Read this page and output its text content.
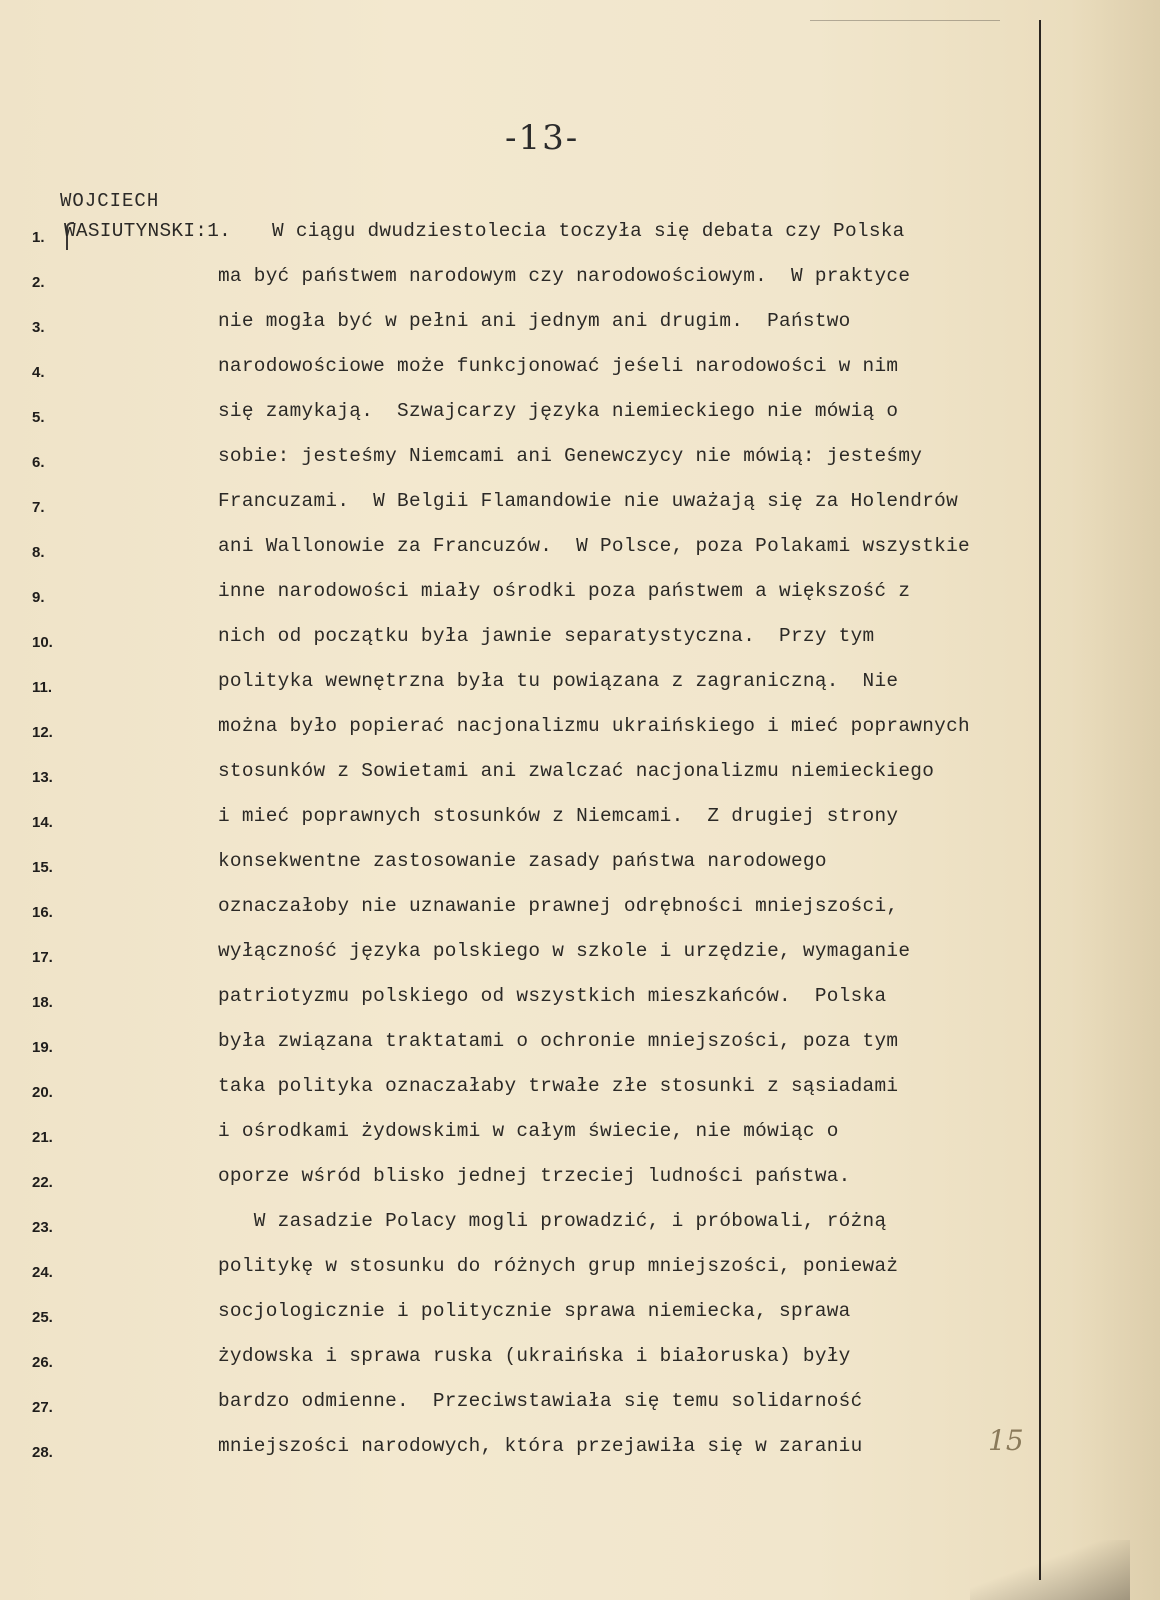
-13-
WOJCIECH
1.
2.
3.
4.
5.
6.
7.
8.
9.
10.
11.
12.
13.
14.
15.
16.
17.
18.
19.
20.
21.
22.
23.
24.
25.
26.
27.
28.
WASIUTYNSKI:1.	W ciągu dwudziestolecia toczyła się debata czy Polska
ma być państwem narodowym czy narodowościowym.  W praktyce
nie mogła być w pełni ani jednym ani drugim.  Państwo
narodowościowe może funkcjonować jeśeli narodowości w nim
się zamykają.  Szwajcarzy języka niemieckiego nie mówią o
sobie: jesteśmy Niemcami ani Genewczycy nie mówią: jesteśmy
Francuzami.  W Belgii Flamandowie nie uważają się za Holendrów
ani Wallonowie za Francuzów.  W Polsce, poza Polakami wszystkie
inne narodowości miały ośrodki poza państwem a większość z
nich od początku była jawnie separatystyczna.  Przy tym
polityka wewnętrzna była tu powiązana z zagraniczną.  Nie
można było popierać nacjonalizmu ukraińskiego i mieć poprawnych
stosunków z Sowietami ani zwalczać nacjonalizmu niemieckiego
i mieć poprawnych stosunków z Niemcami.  Z drugiej strony
konsekwentne zastosowanie zasady państwa narodowego
oznaczałoby nie uznawanie prawnej odrębności mniejszości,
wyłączność języka polskiego w szkole i urzędzie, wymaganie
patriotyzmu polskiego od wszystkich mieszkańców.  Polska
była związana traktatami o ochronie mniejszości, poza tym
taka polityka oznaczałaby trwałe złe stosunki z sąsiadami
i ośrodkami żydowskimi w całym świecie, nie mówiąc o
oporze wśród blisko jednej trzeciej ludności państwa.
W zasadzie Polacy mogli prowadzić, i próbowali, różną
politykę w stosunku do różnych grup mniejszości, ponieważ
socjologicznie i politycznie sprawa niemiecka, sprawa
żydowska i sprawa ruska (ukraińska i białoruska) były
bardzo odmienne.  Przeciwstawiała się temu solidarność
mniejszości narodowych, która przejawiła się w zaraniu	15
